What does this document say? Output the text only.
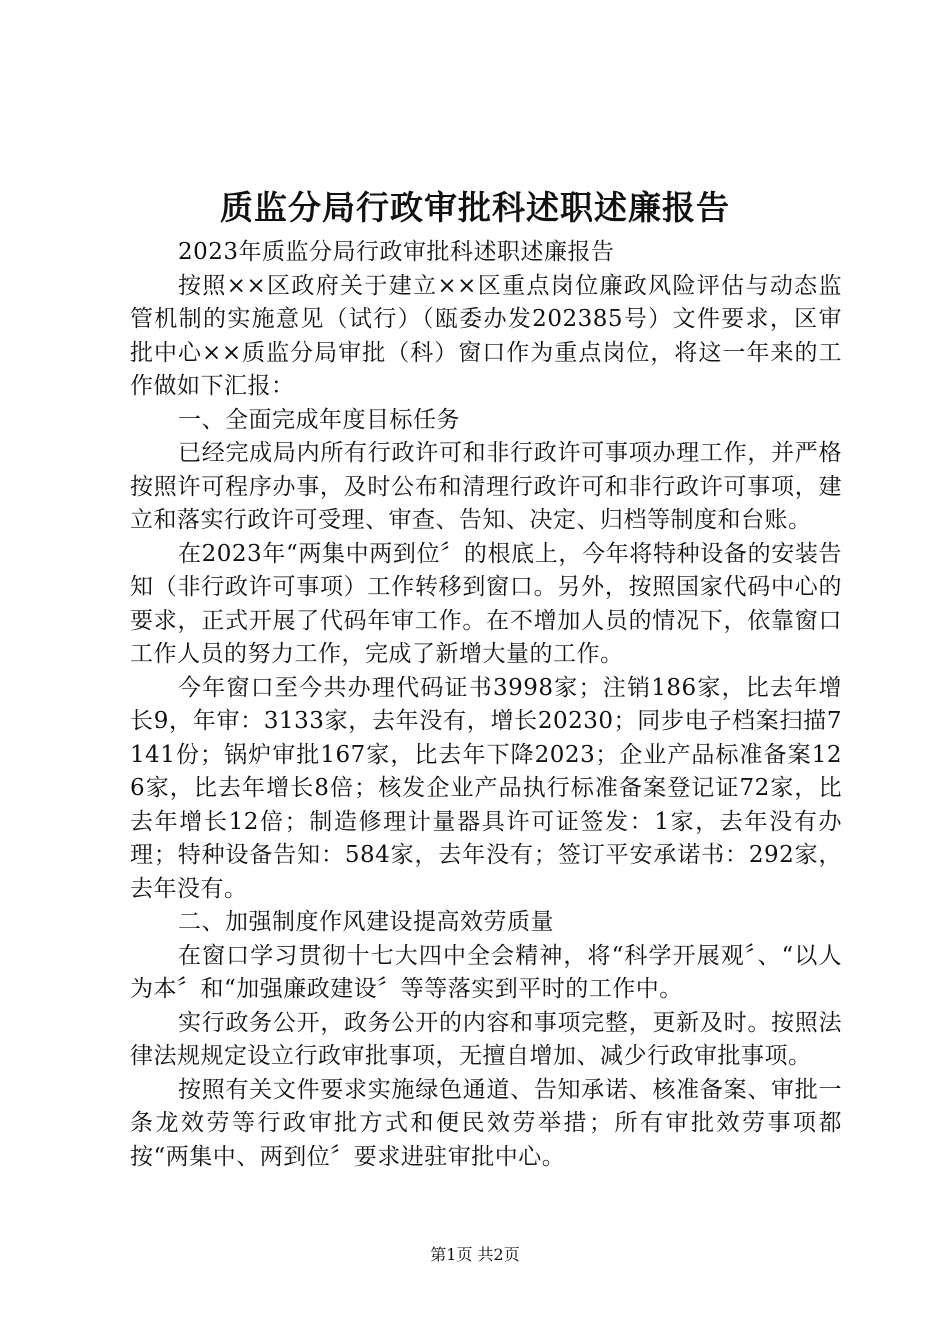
质监分局行政审批科述职述廉报告

2023年质监分局行政审批科述职述廉报告

按照××区政府关于建立××区重点岗位廉政风险评估与动态监管机制的实施意见（试行）（瓯委办发202385号）文件要求，区审批中心××质监分局审批（科）窗口作为重点岗位，将这一年来的工作做如下汇报：

一、全面完成年度目标任务

已经完成局内所有行政许可和非行政许可事项办理工作，并严格按照许可程序办事，及时公布和清理行政许可和非行政许可事项，建立和落实行政许可受理、审查、告知、决定、归档等制度和台账。

在2023年“两集中两到位〞的根底上，今年将特种设备的安装告知（非行政许可事项）工作转移到窗口。另外，按照国家代码中心的要求，正式开展了代码年审工作。在不增加人员的情况下，依靠窗口工作人员的努力工作，完成了新增大量的工作。

今年窗口至今共办理代码证书3998家；注销186家，比去年增长9，年审：3133家，去年没有，增长20230；同步电子档案扫描7141份；锅炉审批167家，比去年下降2023；企业产品标准备案126家，比去年增长8倍；核发企业产品执行标准备案登记证72家，比去年增长12倍；制造修理计量器具许可证签发：1家，去年没有办理；特种设备告知：584家，去年没有；签订平安承诺书：292家，去年没有。

二、加强制度作风建设提高效劳质量

在窗口学习贯彻十七大四中全会精神，将“科学开展观〞、“以人为本〞和“加强廉政建设〞等等落实到平时的工作中。

实行政务公开，政务公开的内容和事项完整，更新及时。按照法律法规规定设立行政审批事项，无擅自增加、减少行政审批事项。

按照有关文件要求实施绿色通道、告知承诺、核准备案、审批一条龙效劳等行政审批方式和便民效劳举措；所有审批效劳事项都按“两集中、两到位〞要求进驻审批中心。

第1页 共2页
